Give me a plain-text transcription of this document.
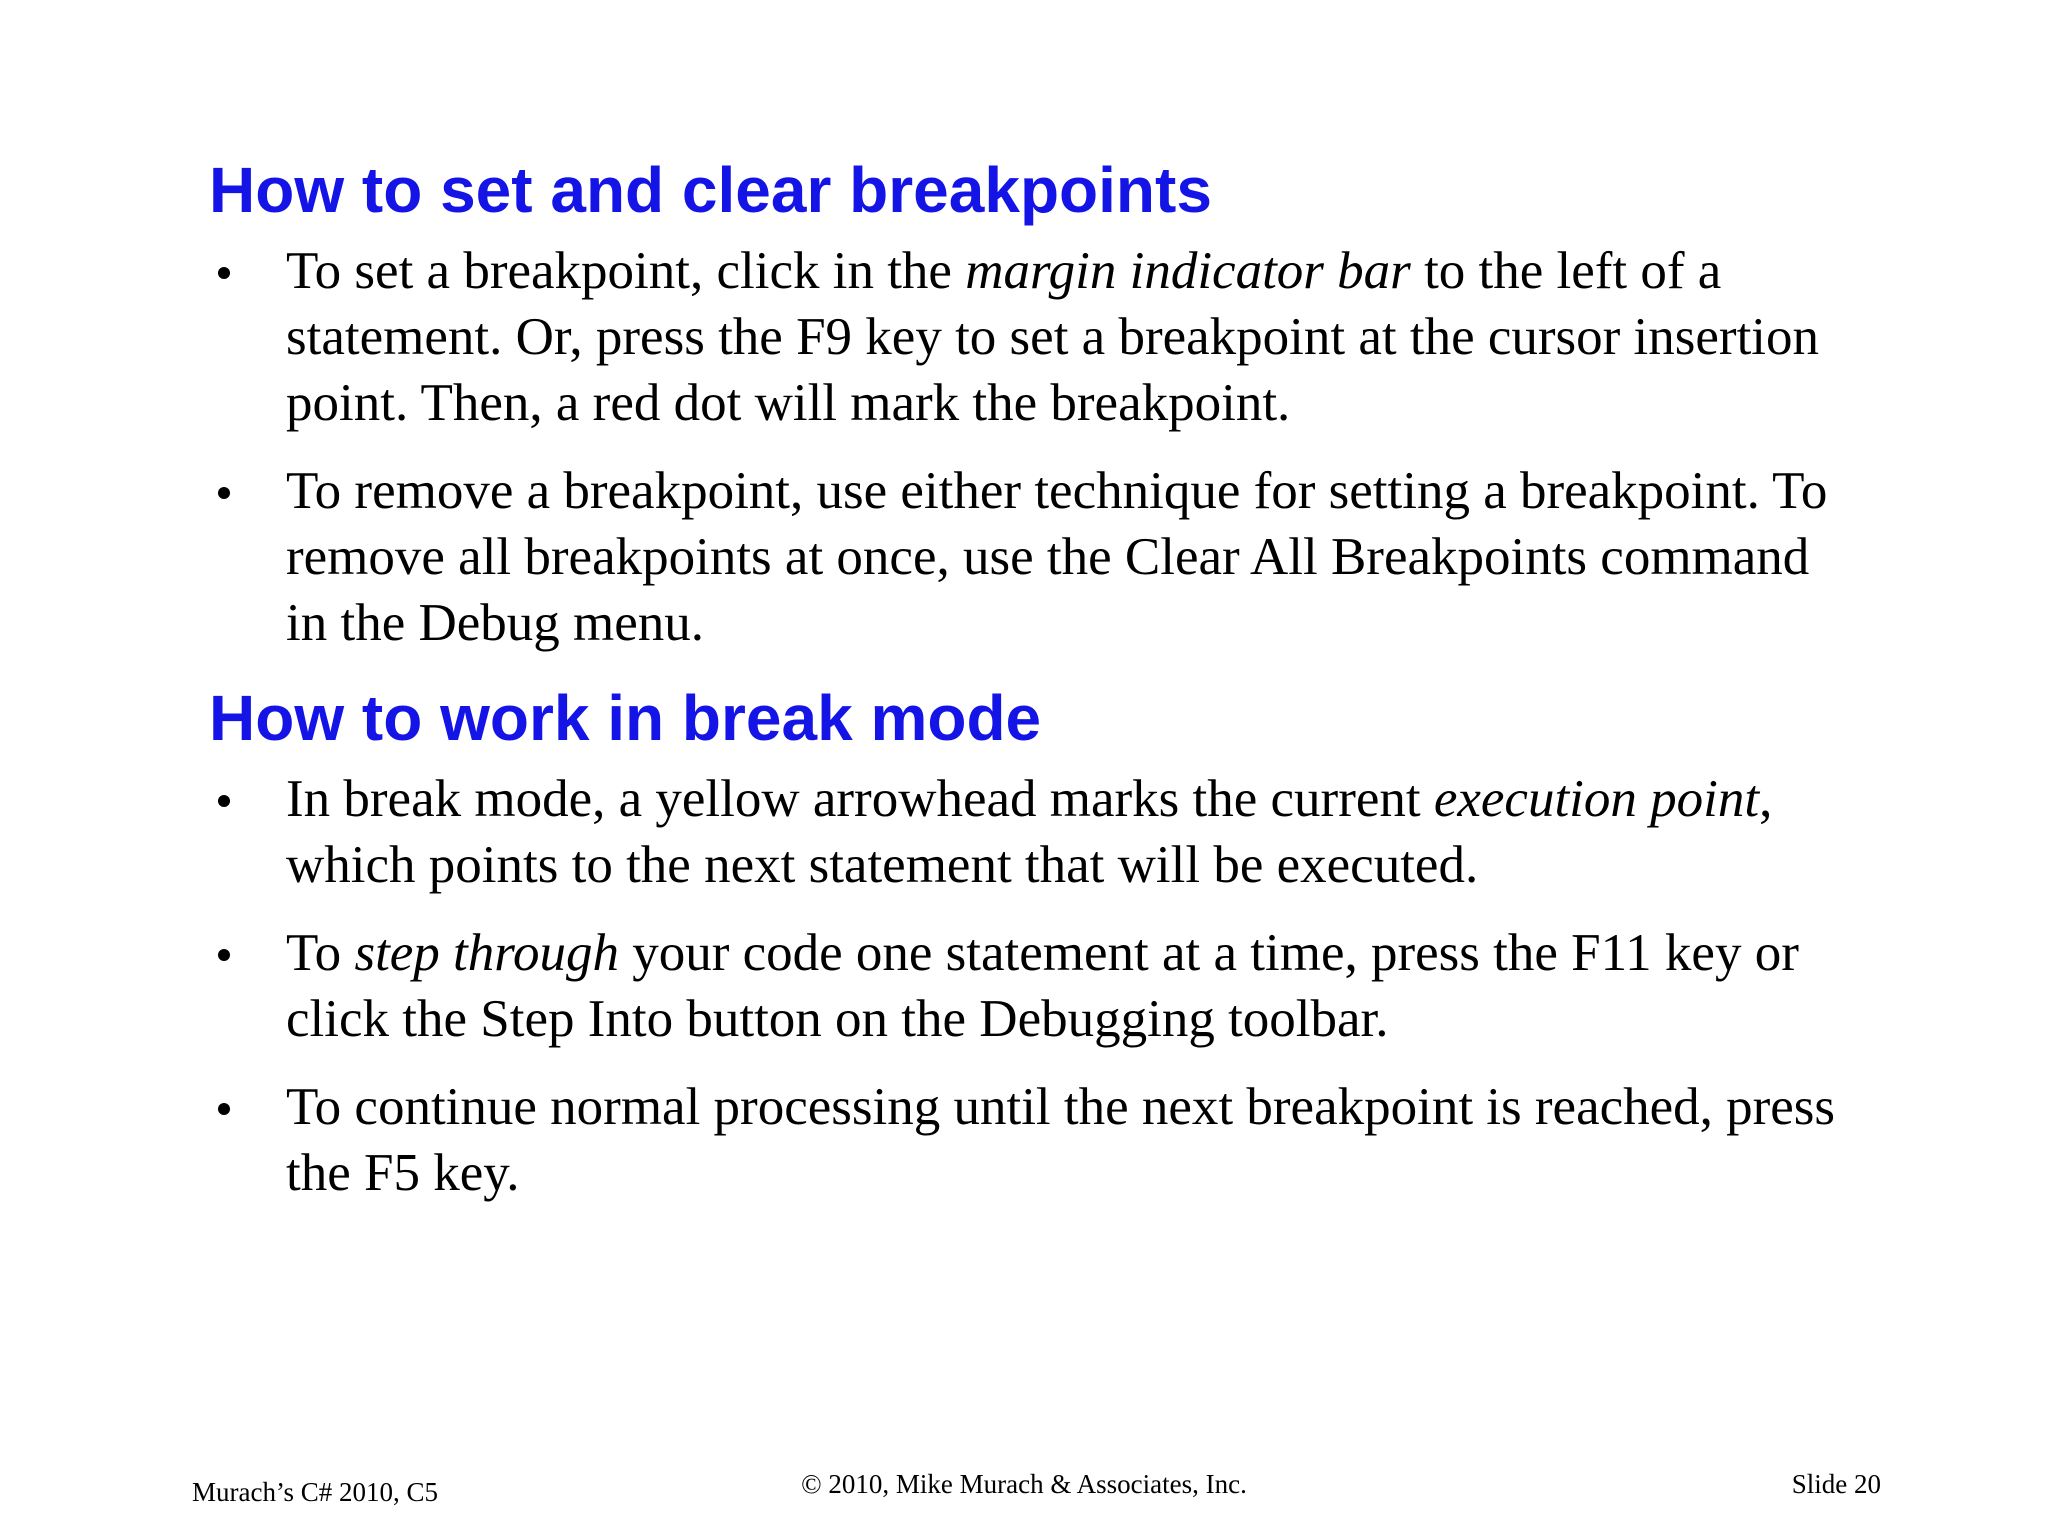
How to set and clear breakpoints
To set a breakpoint, click in the margin indicator bar to the left of a statement. Or, press the F9 key to set a breakpoint at the cursor insertion point. Then, a red dot will mark the breakpoint.
To remove a breakpoint, use either technique for setting a breakpoint. To remove all breakpoints at once, use the Clear All Breakpoints command in the Debug menu.
How to work in break mode
In break mode, a yellow arrowhead marks the current execution point, which points to the next statement that will be executed.
To step through your code one statement at a time, press the F11 key or click the Step Into button on the Debugging toolbar.
To continue normal processing until the next breakpoint is reached, press the F5 key.
Murach’s C# 2010, C5	© 2010, Mike Murach & Associates, Inc.	Slide 20
